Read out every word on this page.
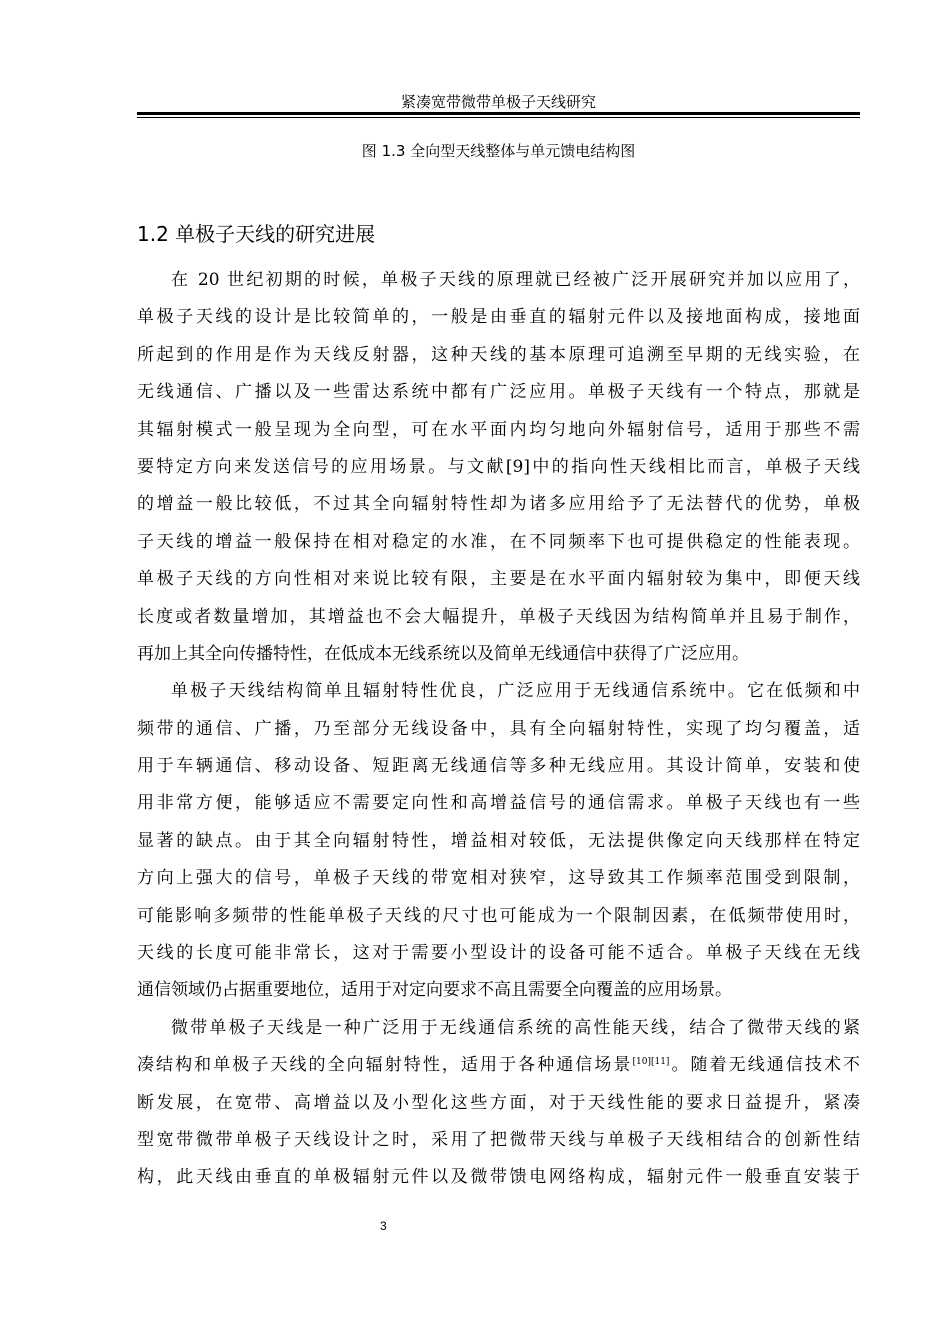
紧凑宽带微带单极子天线研究
图 1.3 全向型天线整体与单元馈电结构图
1.2 单极子天线的研究进展
在 20 世纪初期的时候，单极子天线的原理就已经被广泛开展研究并加以应用了，
单极子天线的设计是比较简单的，一般是由垂直的辐射元件以及接地面构成，接地面
所起到的作用是作为天线反射器，这种天线的基本原理可追溯至早期的无线实验，在
无线通信、广播以及一些雷达系统中都有广泛应用。单极子天线有一个特点，那就是
其辐射模式一般呈现为全向型，可在水平面内均匀地向外辐射信号，适用于那些不需
要特定方向来发送信号的应用场景。与文献[9]中的指向性天线相比而言，单极子天线
的增益一般比较低，不过其全向辐射特性却为诸多应用给予了无法替代的优势，单极
子天线的增益一般保持在相对稳定的水准，在不同频率下也可提供稳定的性能表现。
单极子天线的方向性相对来说比较有限，主要是在水平面内辐射较为集中，即便天线
长度或者数量增加，其增益也不会大幅提升，单极子天线因为结构简单并且易于制作，
再加上其全向传播特性，在低成本无线系统以及简单无线通信中获得了广泛应用。
单极子天线结构简单且辐射特性优良，广泛应用于无线通信系统中。它在低频和中
频带的通信、广播，乃至部分无线设备中，具有全向辐射特性，实现了均匀覆盖，适
用于车辆通信、移动设备、短距离无线通信等多种无线应用。其设计简单，安装和使
用非常方便，能够适应不需要定向性和高增益信号的通信需求。单极子天线也有一些
显著的缺点。由于其全向辐射特性，增益相对较低，无法提供像定向天线那样在特定
方向上强大的信号，单极子天线的带宽相对狭窄，这导致其工作频率范围受到限制，
可能影响多频带的性能单极子天线的尺寸也可能成为一个限制因素，在低频带使用时，
天线的长度可能非常长，这对于需要小型设计的设备可能不适合。单极子天线在无线
通信领域仍占据重要地位，适用于对定向要求不高且需要全向覆盖的应用场景。
微带单极子天线是一种广泛用于无线通信系统的高性能天线，结合了微带天线的紧
凑结构和单极子天线的全向辐射特性，适用于各种通信场景[10][11]。随着无线通信技术不
断发展，在宽带、高增益以及小型化这些方面，对于天线性能的要求日益提升，紧凑
型宽带微带单极子天线设计之时，采用了把微带天线与单极子天线相结合的创新性结
构，此天线由垂直的单极辐射元件以及微带馈电网络构成，辐射元件一般垂直安装于
3
